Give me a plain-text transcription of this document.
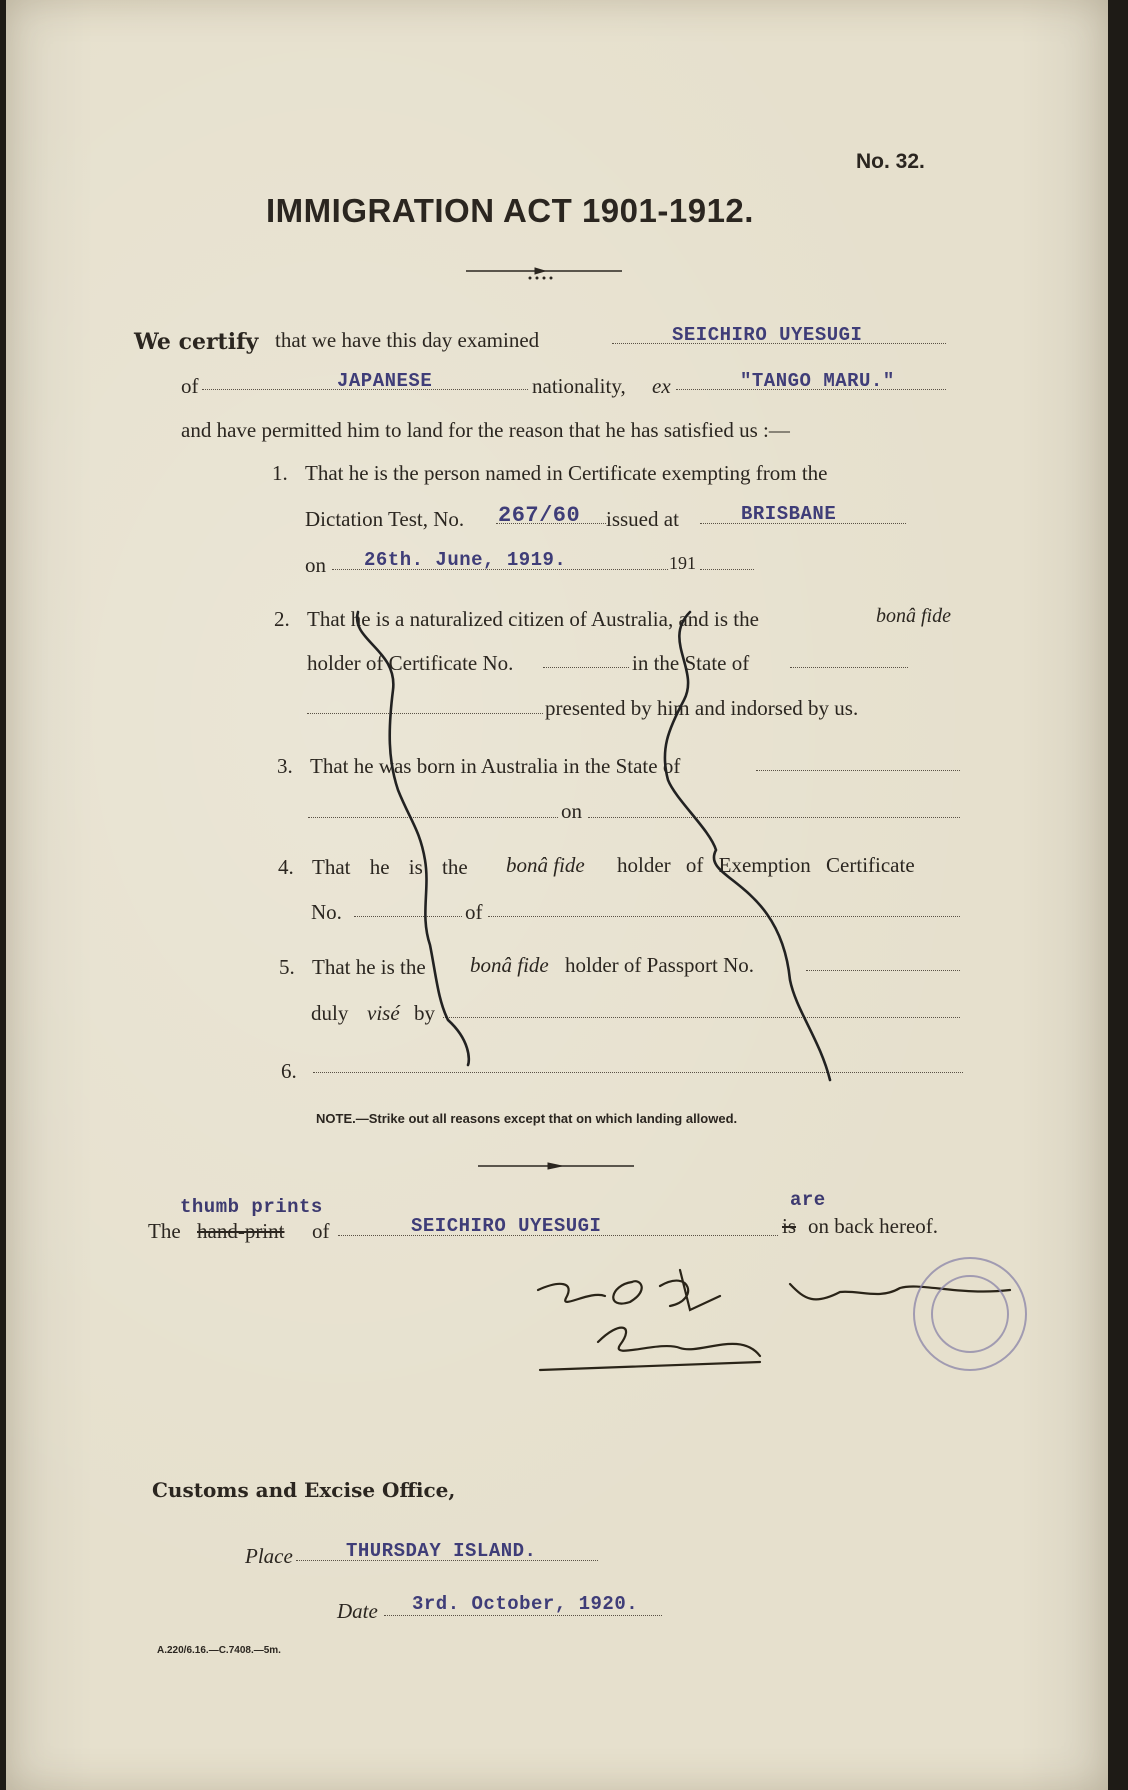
No. 32.
IMMIGRATION ACT 1901-1912.
We certify that we have this day examined	SEICHIRO UYESUGI
of	JAPANESE	nationality, ex	"TANGO MARU."
and have permitted him to land for the reason that he has satisfied us :—
1. That he is the person named in Certificate exempting from the
Dictation Test, No. 267/60 issued at	BRISBANE
on 26th. June, 1919.	191
2. That he is a naturalized citizen of Australia, and is the	bonâ fide
holder of Certificate No.	in the State of
presented by him and indorsed by us.
3. That he was born in Australia in the State of
on
4. That he is the bonâ fide holder of Exemption Certificate
No.	of
5. That he is the bonâ fide holder of Passport No.
duly visé by
6.
NOTE.—Strike out all reasons except that on which landing allowed.
thumb prints
The hand-print of	SEICHIRO UYESUGI
are
is on back hereof.
Customs and Excise Office,
Place	THURSDAY ISLAND.
Date 3rd. October, 1920.
A.220/6.16.—C.7408.—5m.
